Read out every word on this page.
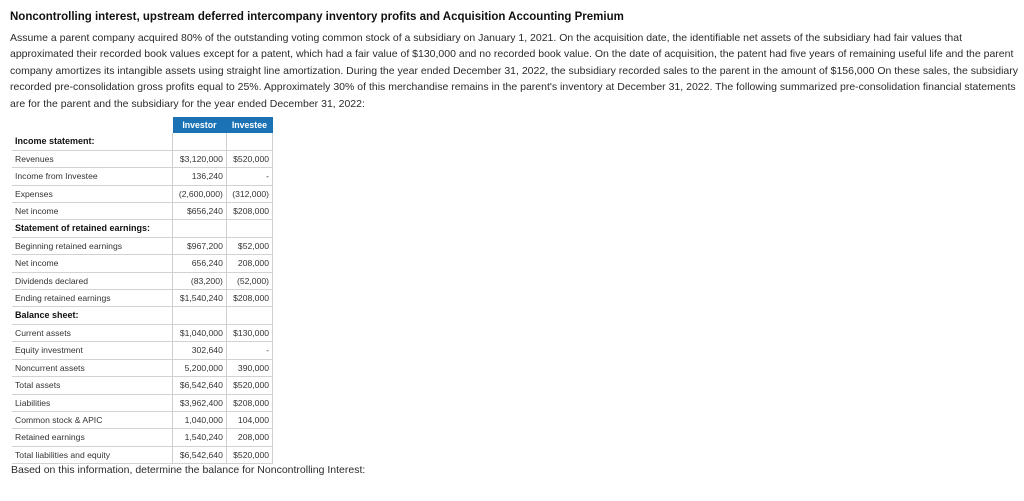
Noncontrolling interest, upstream deferred intercompany inventory profits and Acquisition Accounting Premium
Assume a parent company acquired 80% of the outstanding voting common stock of a subsidiary on January 1, 2021. On the acquisition date, the identifiable net assets of the subsidiary had fair values that approximated their recorded book values except for a patent, which had a fair value of $130,000 and no recorded book value. On the date of acquisition, the patent had five years of remaining useful life and the parent company amortizes its intangible assets using straight line amortization. During the year ended December 31, 2022, the subsidiary recorded sales to the parent in the amount of $156,000 On these sales, the subsidiary recorded pre-consolidation gross profits equal to 25%. Approximately 30% of this merchandise remains in the parent's inventory at December 31, 2022. The following summarized pre-consolidation financial statements are for the parent and the subsidiary for the year ended December 31, 2022:
	Investor	Investee
Income statement:		
Revenues	$3,120,000	$520,000
Income from Investee	136,240	-
Expenses	(2,600,000)	(312,000)
Net income	$656,240	$208,000
Statement of retained earnings:		
Beginning retained earnings	$967,200	$52,000
Net income	656,240	208,000
Dividends declared	(83,200)	(52,000)
Ending retained earnings	$1,540,240	$208,000
Balance sheet:		
Current assets	$1,040,000	$130,000
Equity investment	302,640	-
Noncurrent assets	5,200,000	390,000
Total assets	$6,542,640	$520,000
Liabilities	$3,962,400	$208,000
Common stock & APIC	1,040,000	104,000
Retained earnings	1,540,240	208,000
Total liabilities and equity	$6,542,640	$520,000
Based on this information, determine the balance for Noncontrolling Interest:
